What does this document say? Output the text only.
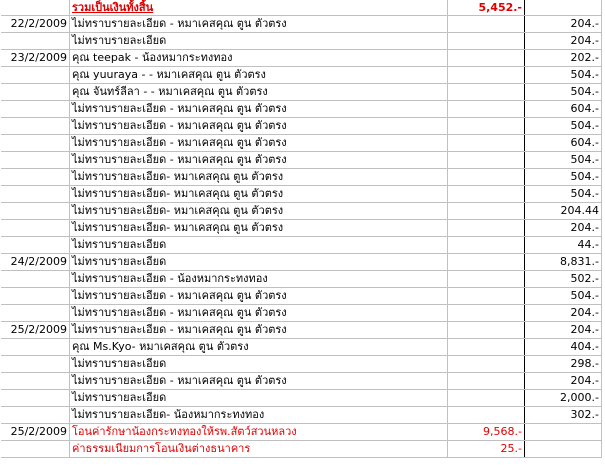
	รวมเป็นเงินทั้งสิ้น	5,452.-	
22/2/2009	ไม่ทราบรายละเอียด - หมาเคสคุณ ตูน ตัวตรง		204.-
	ไม่ทราบรายละเอียด		204.-
23/2/2009	คุณ teepak - น้องหมากระทงทอง		202.-
	คุณ yuuraya - - หมาเคสคุณ ตูน ตัวตรง		504.-
	คุณ จันทร์ลีลา - - หมาเคสคุณ ตูน ตัวตรง		504.-
	ไม่ทราบรายละเอียด - หมาเคสคุณ ตูน ตัวตรง		604.-
	ไม่ทราบรายละเอียด - หมาเคสคุณ ตูน ตัวตรง		504.-
	ไม่ทราบรายละเอียด - หมาเคสคุณ ตูน ตัวตรง		604.-
	ไม่ทราบรายละเอียด - หมาเคสคุณ ตูน ตัวตรง		504.-
	ไม่ทราบรายละเอียด- หมาเคสคุณ ตูน ตัวตรง		504.-
	ไม่ทราบรายละเอียด- หมาเคสคุณ ตูน ตัวตรง		504.-
	ไม่ทราบรายละเอียด- หมาเคสคุณ ตูน ตัวตรง		204.44
	ไม่ทราบรายละเอียด- หมาเคสคุณ ตูน ตัวตรง		204.-
	ไม่ทราบรายละเอียด		44.-
24/2/2009	ไม่ทราบรายละเอียด		8,831.-
	ไม่ทราบรายละเอียด - น้องหมากระทงทอง		502.-
	ไม่ทราบรายละเอียด - หมาเคสคุณ ตูน ตัวตรง		504.-
	ไม่ทราบรายละเอียด - หมาเคสคุณ ตูน ตัวตรง		204.-
25/2/2009	ไม่ทราบรายละเอียด - หมาเคสคุณ ตูน ตัวตรง		204.-
	คุณ Ms.Kyo- หมาเคสคุณ ตูน ตัวตรง		404.-
	ไม่ทราบรายละเอียด		298.-
	ไม่ทราบรายละเอียด - หมาเคสคุณ ตูน ตัวตรง		204.-
	ไม่ทราบรายละเอียด		2,000.-
	ไม่ทราบรายละเอียด- น้องหมากระทงทอง		302.-
25/2/2009	โอนค่ารักษาน้องกระทงทองให้รพ.สัตว์สวนหลวง	9,568.-	
	ค่าธรรมเนียมการโอนเงินต่างธนาคาร	25.-	
